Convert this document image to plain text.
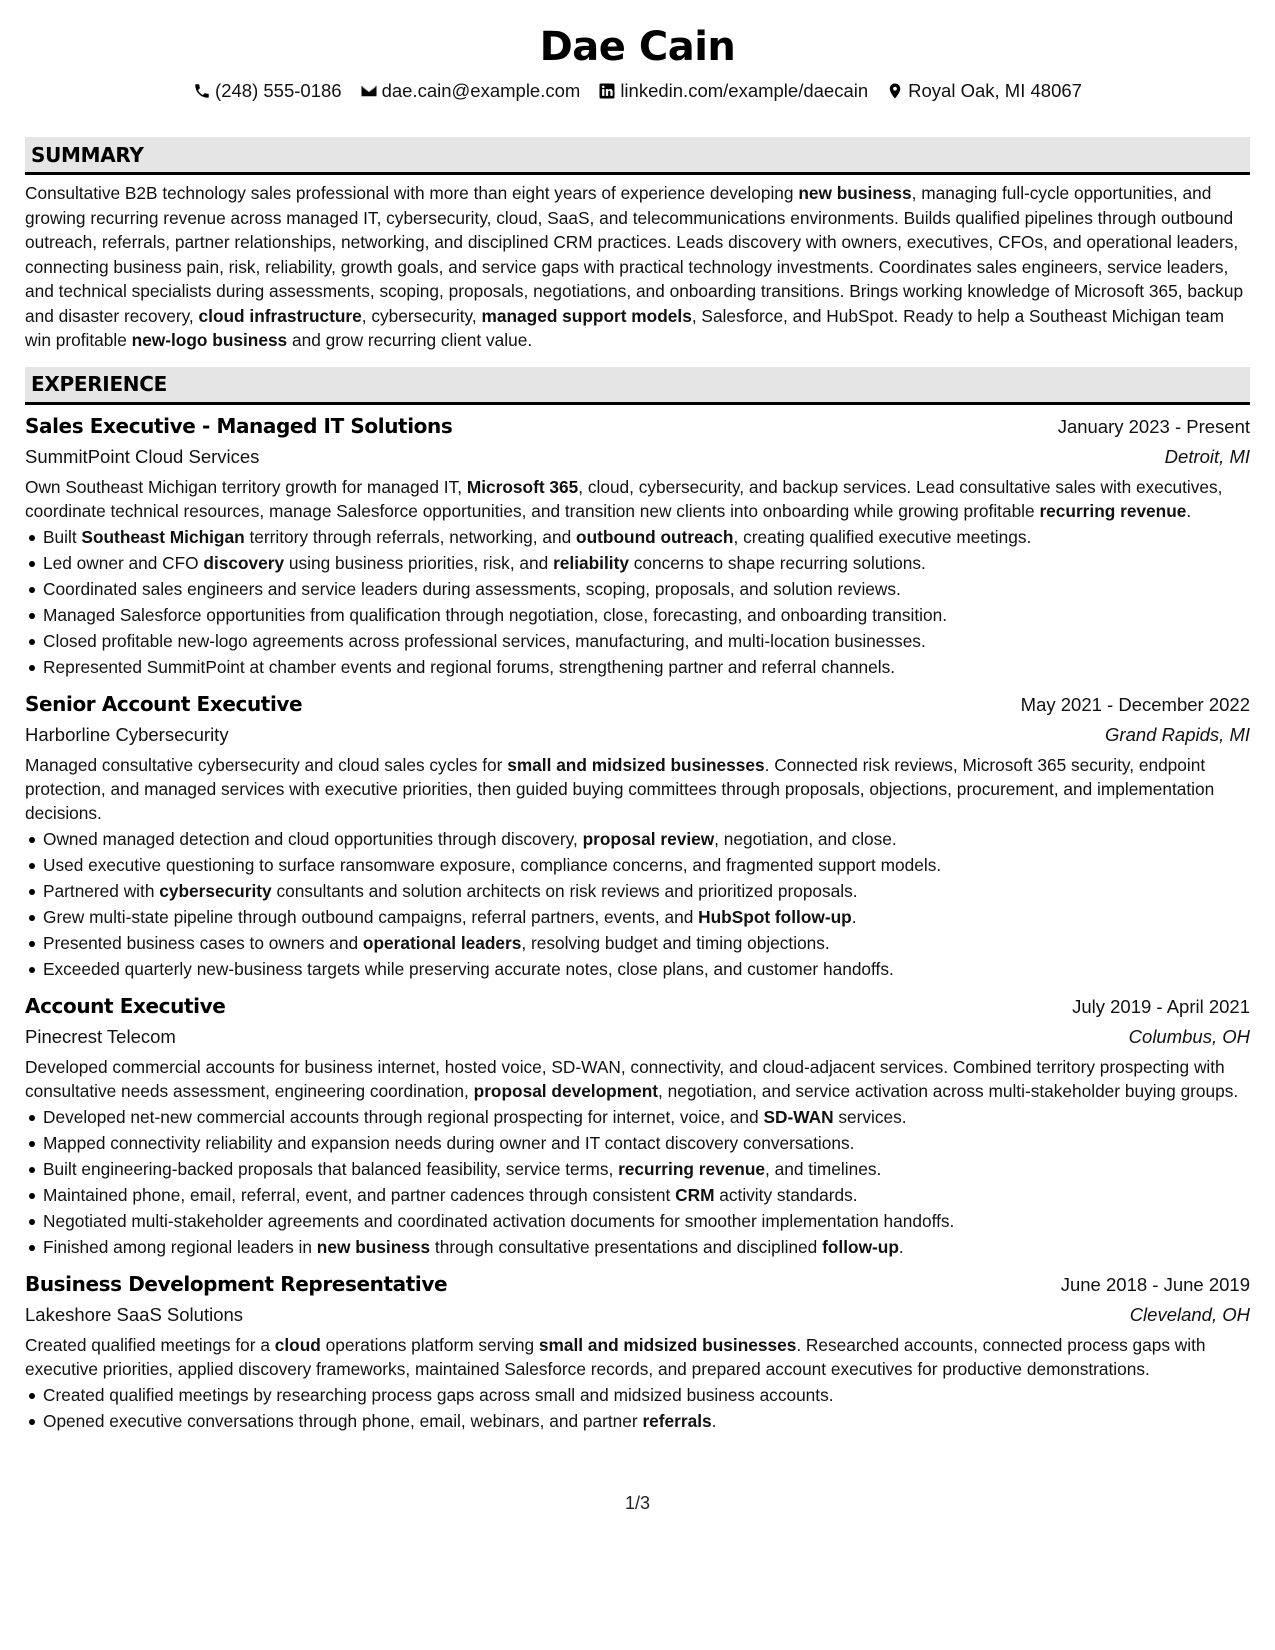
Dae Cain
(248) 555-0186 dae.cain@example.com linkedin.com/example/daecain Royal Oak, MI 48067
SUMMARY

Consultative B2B technology sales professional with more than eight years of experience developing new business, managing full-cycle opportunities, and growing recurring revenue across managed IT, cybersecurity, cloud, SaaS, and telecommunications environments. Builds qualified pipelines through outbound outreach, referrals, partner relationships, networking, and disciplined CRM practices. Leads discovery with owners, executives, CFOs, and operational leaders, connecting business pain, risk, reliability, growth goals, and service gaps with practical technology investments. Coordinates sales engineers, service leaders, and technical specialists during assessments, scoping, proposals, negotiations, and onboarding transitions. Brings working knowledge of Microsoft 365, backup and disaster recovery, cloud infrastructure, cybersecurity, managed support models, Salesforce, and HubSpot. Ready to help a Southeast Michigan team win profitable new-logo business and grow recurring client value.

EXPERIENCE
Sales Executive - Managed IT Solutions	January 2023 - Present
SummitPoint Cloud Services	Detroit, MI

Own Southeast Michigan territory growth for managed IT, Microsoft 365, cloud, cybersecurity, and backup services. Lead consultative sales with executives, coordinate technical resources, manage Salesforce opportunities, and transition new clients into onboarding while growing profitable recurring revenue.

Built Southeast Michigan territory through referrals, networking, and outbound outreach, creating qualified executive meetings.
Led owner and CFO discovery using business priorities, risk, and reliability concerns to shape recurring solutions.
Coordinated sales engineers and service leaders during assessments, scoping, proposals, and solution reviews.
Managed Salesforce opportunities from qualification through negotiation, close, forecasting, and onboarding transition.
Closed profitable new-logo agreements across professional services, manufacturing, and multi-location businesses.
Represented SummitPoint at chamber events and regional forums, strengthening partner and referral channels.
Senior Account Executive	May 2021 - December 2022
Harborline Cybersecurity	Grand Rapids, MI

Managed consultative cybersecurity and cloud sales cycles for small and midsized businesses. Connected risk reviews, Microsoft 365 security, endpoint protection, and managed services with executive priorities, then guided buying committees through proposals, objections, procurement, and implementation decisions.

Owned managed detection and cloud opportunities through discovery, proposal review, negotiation, and close.
Used executive questioning to surface ransomware exposure, compliance concerns, and fragmented support models.
Partnered with cybersecurity consultants and solution architects on risk reviews and prioritized proposals.
Grew multi-state pipeline through outbound campaigns, referral partners, events, and HubSpot follow-up.
Presented business cases to owners and operational leaders, resolving budget and timing objections.
Exceeded quarterly new-business targets while preserving accurate notes, close plans, and customer handoffs.
Account Executive	July 2019 - April 2021
Pinecrest Telecom	Columbus, OH

Developed commercial accounts for business internet, hosted voice, SD-WAN, connectivity, and cloud-adjacent services. Combined territory prospecting with consultative needs assessment, engineering coordination, proposal development, negotiation, and service activation across multi-stakeholder buying groups.

Developed net-new commercial accounts through regional prospecting for internet, voice, and SD-WAN services.
Mapped connectivity reliability and expansion needs during owner and IT contact discovery conversations.
Built engineering-backed proposals that balanced feasibility, service terms, recurring revenue, and timelines.
Maintained phone, email, referral, event, and partner cadences through consistent CRM activity standards.
Negotiated multi-stakeholder agreements and coordinated activation documents for smoother implementation handoffs.
Finished among regional leaders in new business through consultative presentations and disciplined follow-up.
Business Development Representative	June 2018 - June 2019
Lakeshore SaaS Solutions	Cleveland, OH

Created qualified meetings for a cloud operations platform serving small and midsized businesses. Researched accounts, connected process gaps with executive priorities, applied discovery frameworks, maintained Salesforce records, and prepared account executives for productive demonstrations.

Created qualified meetings by researching process gaps across small and midsized business accounts.
Opened executive conversations through phone, email, webinars, and partner referrals.
1/3
